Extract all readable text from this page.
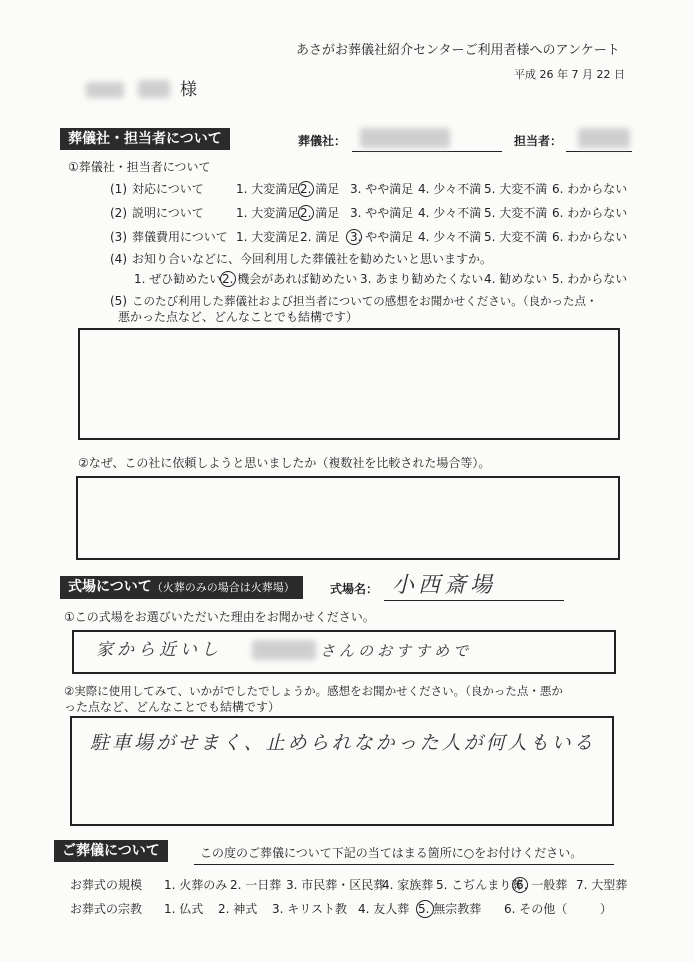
あさがお葬儀社紹介センターご利用者様へのアンケート
平成 26 年 7 月 22 日
様
葬儀社・担当者について	葬儀社：	担当者：
①葬儀社・担当者について
(1) 対応について	1. 大変満足 2. 満足 3. やや満足 4. 少々不満 5. 大変不満 6. わからない
(2) 説明について	1. 大変満足 2. 満足 3. やや満足 4. 少々不満 5. 大変不満 6. わからない
(3) 葬儀費用について 1. 大変満足 2. 満足 3. やや満足 4. 少々不満 5. 大変不満 6. わからない
(4) お知り合いなどに、今回利用した葬儀社を勧めたいと思いますか。
1. ぜひ勧めたい 2. 機会があれば勧めたい 3. あまり勧めたくない 4. 勧めない 5. わからない
(5) このたび利用した葬儀社および担当者についての感想をお聞かせください。（良かった点・
悪かった点など、どんなことでも結構です）
②なぜ、この社に依頼しようと思いましたか（複数社を比較された場合等）。
式場について（火葬のみの場合は火葬場）	式場名： 小西斎場
①この式場をお選びいただいた理由をお聞かせください。
家から近いし	さんのおすすめで
②実際に使用してみて、いかがでしたでしょうか。感想をお聞かせください。（良かった点・悪か
った点など、どんなことでも結構です）
駐車場がせまく、止められなかった人が何人もいる
ご葬儀について	この度のご葬儀について下記の当てはまる箇所に○をお付けください。
お葬式の規模 1. 火葬のみ 2. 一日葬 3. 市民葬・区民葬
4. 家族葬 5. こぢんまり葬
6. 一般葬 7. 大型葬
お葬式の宗教 1. 仏式 2. 神式 3. キリスト教 4. 友人葬 5. 無宗教葬 6. その他（	）
